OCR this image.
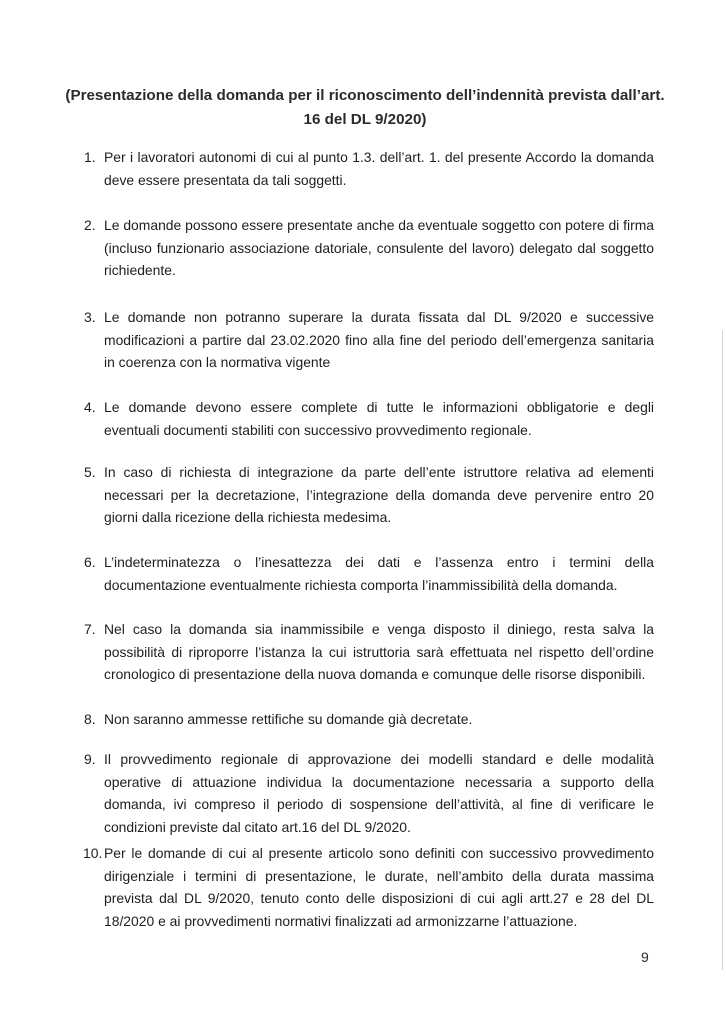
(Presentazione della domanda per il riconoscimento dell’indennità prevista dall’art. 16 del DL 9/2020)
1. Per i lavoratori autonomi di cui al punto 1.3. dell’art. 1. del presente Accordo la domanda deve essere presentata da tali soggetti.
2. Le domande possono essere presentate anche da eventuale soggetto con potere di firma (incluso funzionario associazione datoriale, consulente del lavoro) delegato dal soggetto richiedente.
3. Le domande non potranno superare la durata fissata dal DL 9/2020 e successive modificazioni a partire dal 23.02.2020 fino alla fine del periodo dell’emergenza sanitaria in coerenza con la normativa vigente
4. Le domande devono essere complete di tutte le informazioni obbligatorie e degli eventuali documenti stabiliti con successivo provvedimento regionale.
5. In caso di richiesta di integrazione da parte dell’ente istruttore relativa ad elementi necessari per la decretazione, l’integrazione della domanda deve pervenire entro 20 giorni dalla ricezione della richiesta medesima.
6. L’indeterminatezza o l’inesattezza dei dati e l’assenza entro i termini della documentazione eventualmente richiesta comporta l’inammissibilità della domanda.
7. Nel caso la domanda sia inammissibile e venga disposto il diniego, resta salva la possibilità di riproporre l’istanza la cui istruttoria sarà effettuata nel rispetto dell’ordine cronologico di presentazione della nuova domanda e comunque delle risorse disponibili.
8. Non saranno ammesse rettifiche su domande già decretate.
9. Il provvedimento regionale di approvazione dei modelli standard e delle modalità operative di attuazione individua la documentazione necessaria a supporto della domanda, ivi compreso il periodo di sospensione dell’attività, al fine di verificare le condizioni previste dal citato art.16 del DL 9/2020.
10. Per le domande di cui al presente articolo sono definiti con successivo provvedimento dirigenziale i termini di presentazione, le durate, nell’ambito della durata massima prevista dal DL 9/2020, tenuto conto delle disposizioni di cui agli artt.27 e 28 del DL 18/2020 e ai provvedimenti normativi finalizzati ad armonizzarne l’attuazione.
9
